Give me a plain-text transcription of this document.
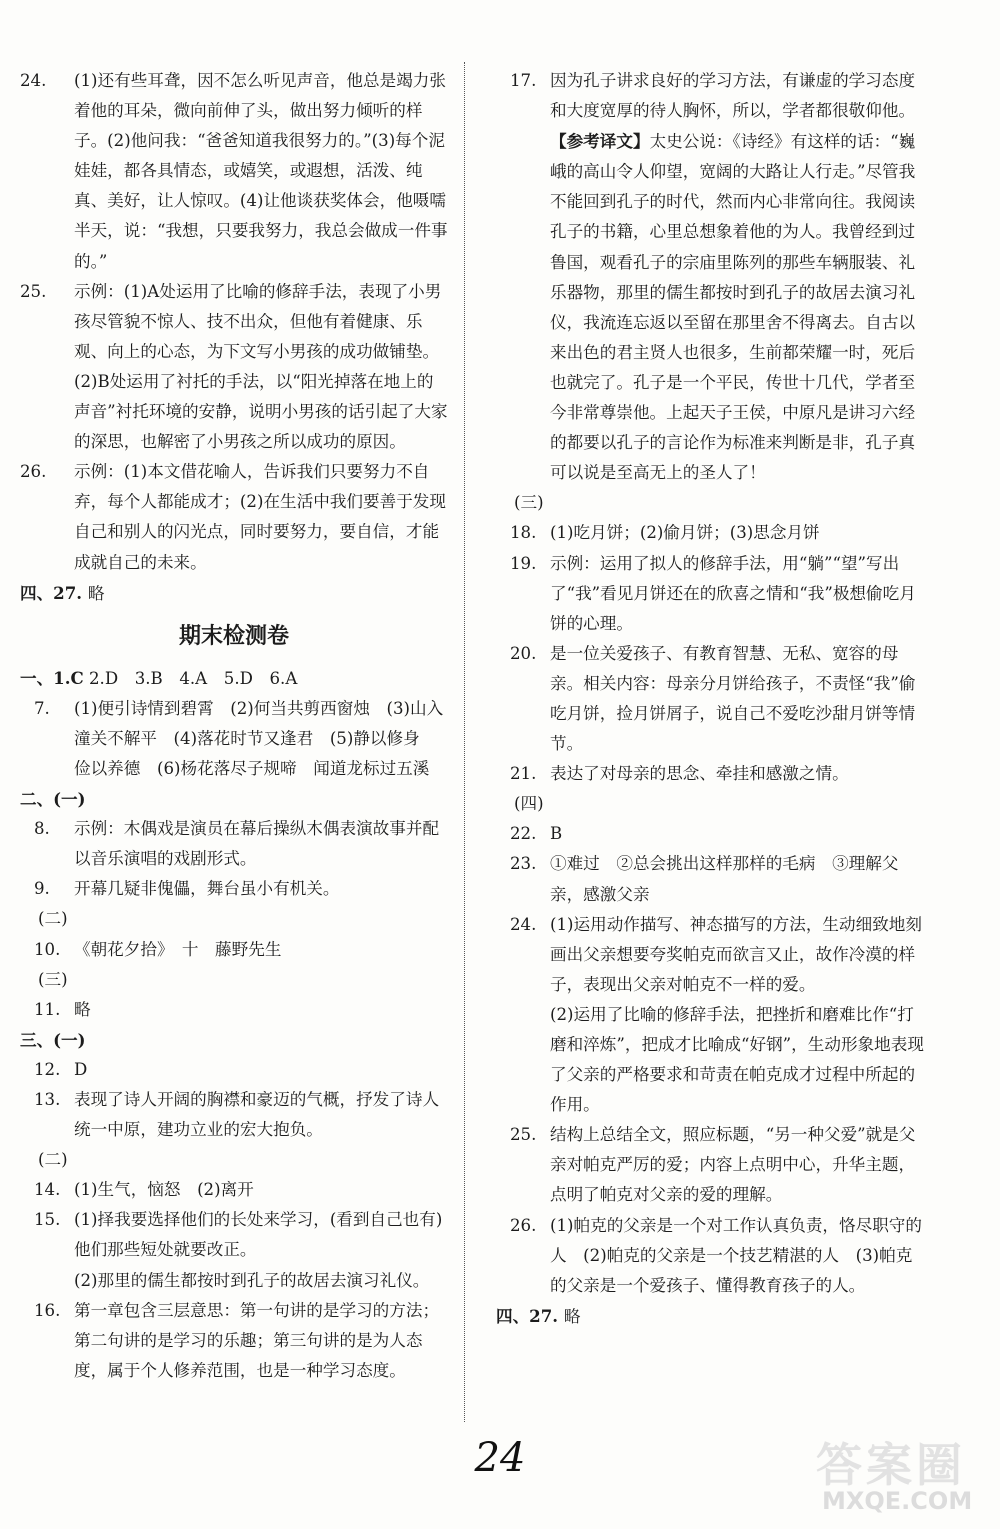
24. (1)还有些耳聋，因不怎么听见声音，他总是竭力张着他的耳朵，微向前伸了头，做出努力倾听的样子。(2)他问我：“爸爸知道我很努力的。”(3)每个泥娃娃，都各具情态，或嬉笑，或遐想，活泼、纯真、美好，让人惊叹。(4)让他谈获奖体会，他嗫嚅半天，说：“我想，只要我努力，我总会做成一件事的。”

25. 示例：(1)A处运用了比喻的修辞手法，表现了小男孩尽管貌不惊人、技不出众，但他有着健康、乐观、向上的心态，为下文写小男孩的成功做铺垫。
(2)B处运用了衬托的手法，以“阳光掉落在地上的声音”衬托环境的安静，说明小男孩的话引起了大家的深思，也解密了小男孩之所以成功的原因。

26. 示例：(1)本文借花喻人，告诉我们只要努力不自弃，每个人都能成才；(2)在生活中我们要善于发现自己和别人的闪光点，同时要努力，要自信，才能成就自己的未来。

四、27. 略

期末检测卷

一、1.C 2.D　3.B　4.A　5.D　6.A

7. (1)便引诗情到碧霄　(2)何当共剪西窗烛　(3)山入潼关不解平　(4)落花时节又逢君　(5)静以修身　俭以养德　(6)杨花落尽子规啼　闻道龙标过五溪

二、(一)

8. 示例：木偶戏是演员在幕后操纵木偶表演故事并配以音乐演唱的戏剧形式。

9. 开幕几疑非傀儡，舞台虽小有机关。

(二)

10. 《朝花夕拾》　十　藤野先生

(三)

11. 略

三、(一)

12. D

13. 表现了诗人开阔的胸襟和豪迈的气概，抒发了诗人统一中原，建功立业的宏大抱负。

(二)

14. (1)生气，恼怒　(2)离开

15. (1)择我要选择他们的长处来学习，(看到自己也有)他们那些短处就要改正。
(2)那里的儒生都按时到孔子的故居去演习礼仪。

16. 第一章包含三层意思：第一句讲的是学习的方法；第二句讲的是学习的乐趣；第三句讲的是为人态度，属于个人修养范围，也是一种学习态度。

17. 因为孔子讲求良好的学习方法，有谦虚的学习态度和大度宽厚的待人胸怀，所以，学者都很敬仰他。

【参考译文】太史公说：《诗经》有这样的话：“巍峨的高山令人仰望，宽阔的大路让人行走。”尽管我不能回到孔子的时代，然而内心非常向往。我阅读孔子的书籍，心里总想象着他的为人。我曾经到过鲁国，观看孔子的宗庙里陈列的那些车辆服装、礼乐器物，那里的儒生都按时到孔子的故居去演习礼仪，我流连忘返以至留在那里舍不得离去。自古以来出色的君主贤人也很多，生前都荣耀一时，死后也就完了。孔子是一个平民，传世十几代，学者至今非常尊崇他。上起天子王侯，中原凡是讲习六经的都要以孔子的言论作为标准来判断是非，孔子真可以说是至高无上的圣人了！

(三)

18. (1)吃月饼；(2)偷月饼；(3)思念月饼

19. 示例：运用了拟人的修辞手法，用“躺”“望”写出了“我”看见月饼还在的欣喜之情和“我”极想偷吃月饼的心理。

20. 是一位关爱孩子、有教育智慧、无私、宽容的母亲。相关内容：母亲分月饼给孩子，不责怪“我”偷吃月饼，捡月饼屑子，说自己不爱吃沙甜月饼等情节。

21. 表达了对母亲的思念、牵挂和感激之情。

(四)

22. B

23. ①难过　②总会挑出这样那样的毛病　③理解父亲，感激父亲

24. (1)运用动作描写、神态描写的方法，生动细致地刻画出父亲想要夸奖帕克而欲言又止，故作冷漠的样子，表现出父亲对帕克不一样的爱。
(2)运用了比喻的修辞手法，把挫折和磨难比作“打磨和淬炼”，把成才比喻成“好钢”，生动形象地表现了父亲的严格要求和苛责在帕克成才过程中所起的作用。

25. 结构上总结全文，照应标题，“另一种父爱”就是父亲对帕克严厉的爱；内容上点明中心，升华主题，点明了帕克对父亲的爱的理解。

26. (1)帕克的父亲是一个对工作认真负责，恪尽职守的人　(2)帕克的父亲是一个技艺精湛的人　(3)帕克的父亲是一个爱孩子、懂得教育孩子的人。

四、27. 略

24	答案圈
MXQE.COM
